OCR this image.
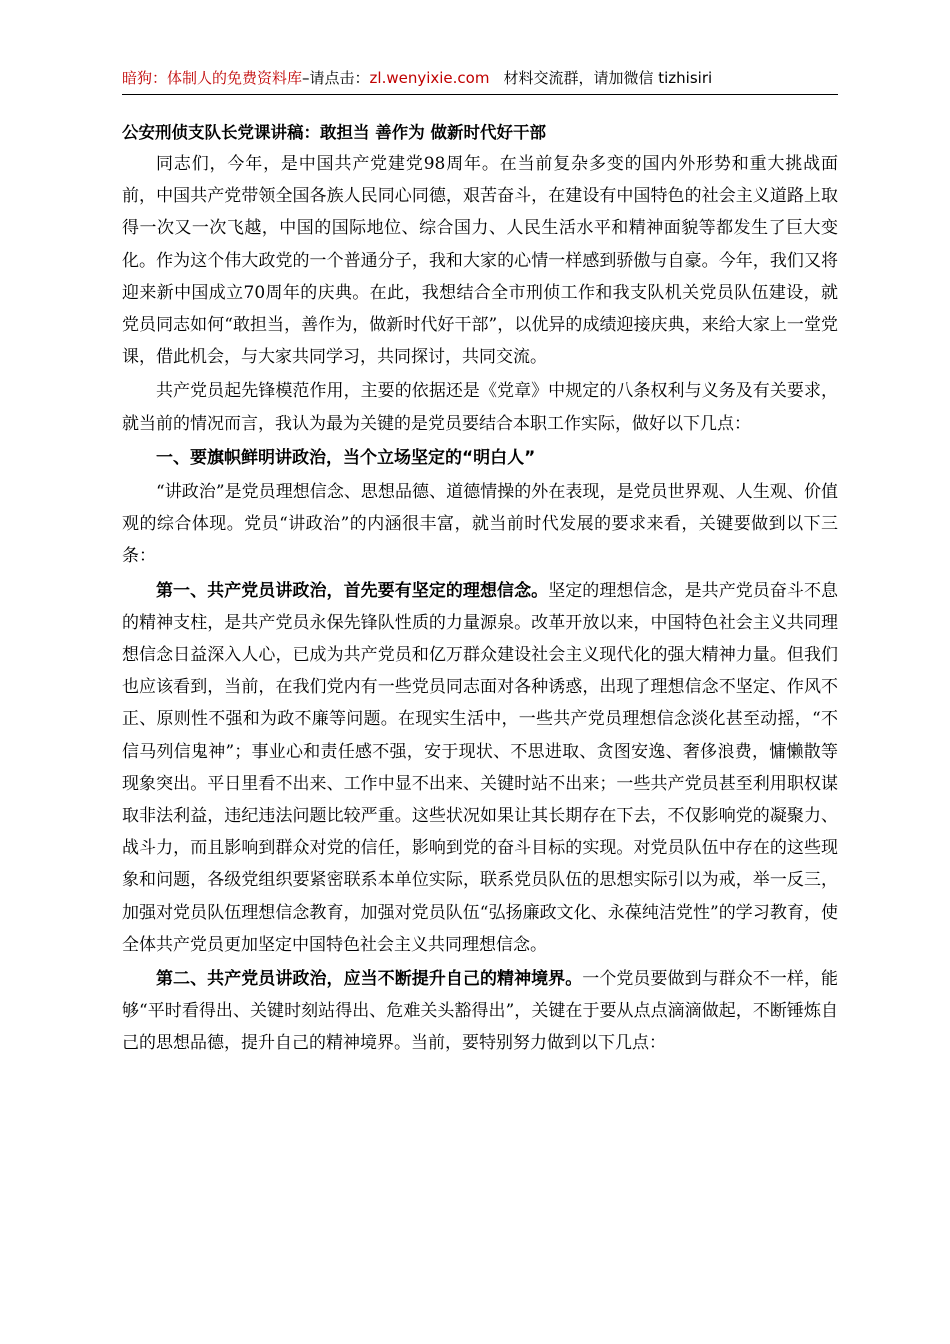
暗狗：体制人的免费资料库–请点击：zl.wenyixie.com 材料交流群，请加微信 tizhisiri
公安刑侦支队长党课讲稿：敢担当 善作为 做新时代好干部

同志们，今年，是中国共产党建党98周年。在当前复杂多变的国内外形势和重大挑战面前，中国共产党带领全国各族人民同心同德，艰苦奋斗，在建设有中国特色的社会主义道路上取得一次又一次飞越，中国的国际地位、综合国力、人民生活水平和精神面貌等都发生了巨大变化。作为这个伟大政党的一个普通分子，我和大家的心情一样感到骄傲与自豪。今年，我们又将迎来新中国成立70周年的庆典。在此，我想结合全市刑侦工作和我支队机关党员队伍建设，就党员同志如何“敢担当，善作为，做新时代好干部”，以优异的成绩迎接庆典，来给大家上一堂党课，借此机会，与大家共同学习，共同探讨，共同交流。

共产党员起先锋模范作用，主要的依据还是《党章》中规定的八条权利与义务及有关要求，就当前的情况而言，我认为最为关键的是党员要结合本职工作实际，做好以下几点：

一、要旗帜鲜明讲政治，当个立场坚定的“明白人”

“讲政治”是党员理想信念、思想品德、道德情操的外在表现，是党员世界观、人生观、价值观的综合体现。党员“讲政治”的内涵很丰富，就当前时代发展的要求来看，关键要做到以下三条：

第一、共产党员讲政治，首先要有坚定的理想信念。坚定的理想信念，是共产党员奋斗不息的精神支柱，是共产党员永保先锋队性质的力量源泉。改革开放以来，中国特色社会主义共同理想信念日益深入人心，已成为共产党员和亿万群众建设社会主义现代化的强大精神力量。但我们也应该看到，当前，在我们党内有一些党员同志面对各种诱惑，出现了理想信念不坚定、作风不正、原则性不强和为政不廉等问题。在现实生活中，一些共产党员理想信念淡化甚至动摇，“不信马列信鬼神”；事业心和责任感不强，安于现状、不思进取、贪图安逸、奢侈浪费，慵懒散等现象突出。平日里看不出来、工作中显不出来、关键时站不出来；一些共产党员甚至利用职权谋取非法利益，违纪违法问题比较严重。这些状况如果让其长期存在下去，不仅影响党的凝聚力、战斗力，而且影响到群众对党的信任，影响到党的奋斗目标的实现。对党员队伍中存在的这些现象和问题，各级党组织要紧密联系本单位实际，联系党员队伍的思想实际引以为戒，举一反三，加强对党员队伍理想信念教育，加强对党员队伍“弘扬廉政文化、永葆纯洁党性”的学习教育，使全体共产党员更加坚定中国特色社会主义共同理想信念。

第二、共产党员讲政治，应当不断提升自己的精神境界。一个党员要做到与群众不一样，能够“平时看得出、关键时刻站得出、危难关头豁得出”，关键在于要从点点滴滴做起，不断锤炼自己的思想品德，提升自己的精神境界。当前，要特别努力做到以下几点：
